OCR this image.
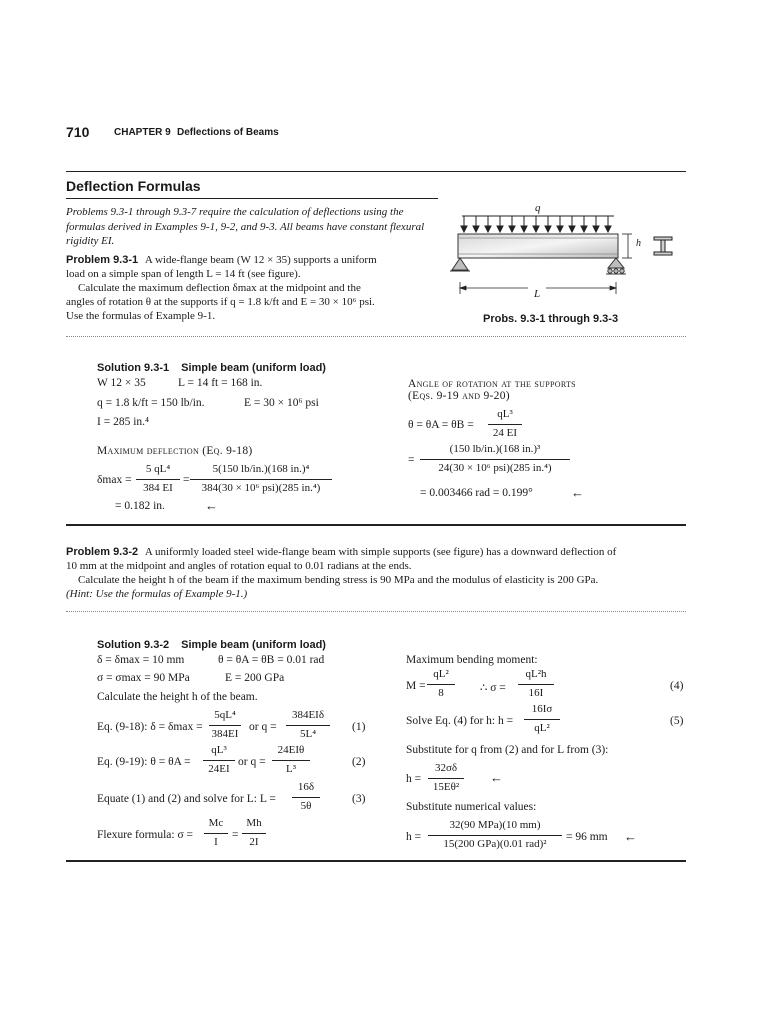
710 CHAPTER 9 Deflections of Beams
Deflection Formulas
Problems 9.3-1 through 9.3-7 require the calculation of deflections using the formulas derived in Examples 9-1, 9-2, and 9-3. All beams have constant flexural rigidity EI.
Problem 9.3-1 A wide-flange beam (W 12 × 35) supports a uniform
load on a simple span of length L = 14 ft (see figure).
Calculate the maximum deflection δmax at the midpoint and the
angles of rotation θ at the supports if q = 1.8 k/ft and E = 30 × 10⁶ psi.
Use the formulas of Example 9-1.
q
h
L
Probs. 9.3-1 through 9.3-3
Solution 9.3-1 Simple beam (uniform load)
W 12 × 35	L = 14 ft = 168 in.
q = 1.8 k/ft = 150 lb/in.	E = 30 × 10⁶ psi
I = 285 in.⁴
Maximum deflection (Eq. 9-18)
δmax =
5 qL⁴
384 EI
=
5(150 lb/in.)(168 in.)⁴
384(30 × 10⁶ psi)(285 in.⁴)
= 0.182 in.	←
Angle of rotation at the supports
(Eqs. 9-19 and 9-20)
θ = θA = θB =
qL³
24 EI
=
(150 lb/in.)(168 in.)³
24(30 × 10⁶ psi)(285 in.⁴)
= 0.003466 rad = 0.199°	←
Problem 9.3-2 A uniformly loaded steel wide-flange beam with simple supports (see figure) has a downward deflection of
10 mm at the midpoint and angles of rotation equal to 0.01 radians at the ends.
Calculate the height h of the beam if the maximum bending stress is 90 MPa and the modulus of elasticity is 200 GPa.
(Hint: Use the formulas of Example 9-1.)
Solution 9.3-2 Simple beam (uniform load)
δ = δmax = 10 mm	θ = θA = θB = 0.01 rad
σ = σmax = 90 MPa	E = 200 GPa
Calculate the height h of the beam.
Eq. (9-18): δ = δmax =
5qL⁴
384EI
or q =
384EIδ
5L⁴
(1)
Eq. (9-19): θ = θA =
qL³
24EI
or q =
24EIθ
L³
(2)
Equate (1) and (2) and solve for L: L =
16δ
5θ
(3)
Flexure formula: σ =
Mc
I
=
Mh
2I
Maximum bending moment:
M =
qL²
8	∴ σ =
qL²h
16I
(4)
Solve Eq. (4) for h: h =
16Iσ
qL²
(5)
Substitute for q from (2) and for L from (3):
h =
32σδ
15Eθ²
←
Substitute numerical values:
h =
32(90 MPa)(10 mm)
15(200 GPa)(0.01 rad)²
= 96 mm ←
